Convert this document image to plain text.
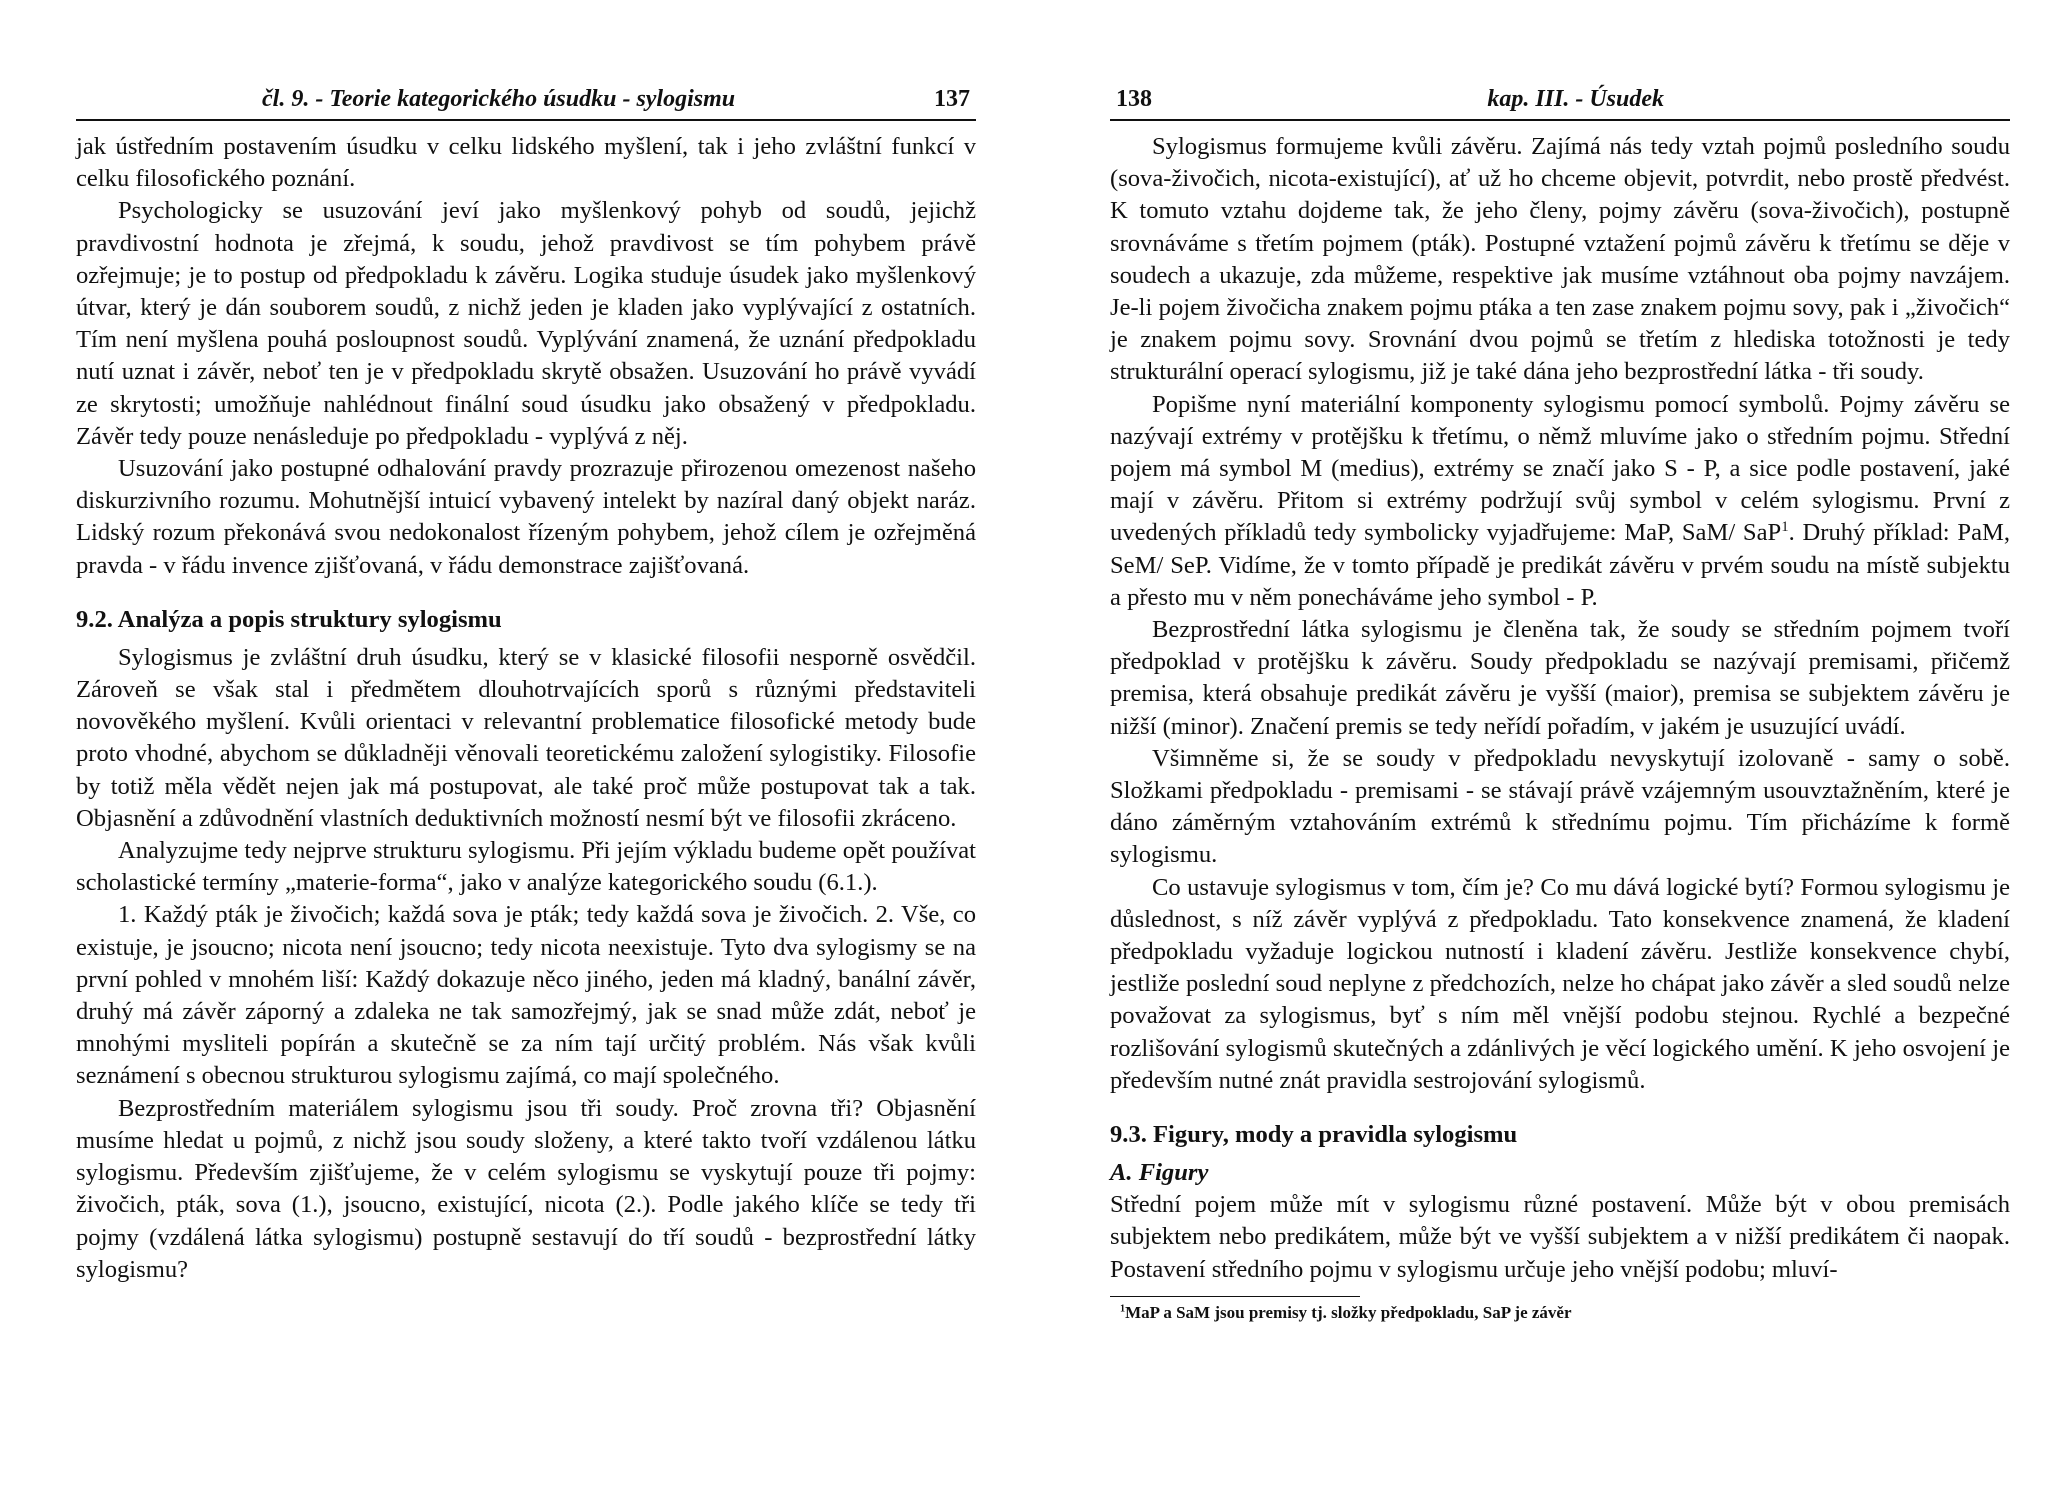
čl. 9. - Teorie kategorického úsudku - sylogismu	137

jak ústředním postavením úsudku v celku lidského myšlení, tak i jeho zvláštní funkcí v celku filosofického poznání.

Psychologicky se usuzování jeví jako myšlenkový pohyb od soudů, jejichž pravdivostní hodnota je zřejmá, k soudu, jehož pravdivost se tím pohybem právě ozřejmuje; je to postup od předpokladu k závěru. Logika studuje úsudek jako myšlenkový útvar, který je dán souborem soudů, z nichž jeden je kladen jako vyplývající z ostatních. Tím není myšlena pouhá posloupnost soudů. Vyplývání znamená, že uznání předpokladu nutí uznat i závěr, neboť ten je v předpokladu skrytě obsažen. Usuzování ho právě vyvádí ze skrytosti; umožňuje nahlédnout finální soud úsudku jako obsažený v předpokladu. Závěr tedy pouze nenásleduje po předpokladu - vyplývá z něj.

Usuzování jako postupné odhalování pravdy prozrazuje přirozenou omezenost našeho diskurzivního rozumu. Mohutnější intuicí vybavený intelekt by nazíral daný objekt naráz. Lidský rozum překonává svou nedokonalost řízeným pohybem, jehož cílem je ozřejměná pravda - v řádu invence zjišťovaná, v řádu demonstrace zajišťovaná.

9.2. Analýza a popis struktury sylogismu

Sylogismus je zvláštní druh úsudku, který se v klasické filosofii nesporně osvědčil. Zároveň se však stal i předmětem dlouhotrvajících sporů s různými představiteli novověkého myšlení. Kvůli orientaci v relevantní problematice filosofické metody bude proto vhodné, abychom se důkladněji věnovali teoretickému založení sylogistiky. Filosofie by totiž měla vědět nejen jak má postupovat, ale také proč může postupovat tak a tak. Objasnění a zdůvodnění vlastních deduktivních možností nesmí být ve filosofii zkráceno.

Analyzujme tedy nejprve strukturu sylogismu. Při jejím výkladu budeme opět používat scholastické termíny „materie-forma“, jako v analýze kategorického soudu (6.1.).

1. Každý pták je živočich; každá sova je pták; tedy každá sova je živočich. 2. Vše, co existuje, je jsoucno; nicota není jsoucno; tedy nicota neexistuje. Tyto dva sylogismy se na první pohled v mnohém liší: Každý dokazuje něco jiného, jeden má kladný, banální závěr, druhý má závěr záporný a zdaleka ne tak samozřejmý, jak se snad může zdát, neboť je mnohými mysliteli popírán a skutečně se za ním tají určitý problém. Nás však kvůli seznámení s obecnou strukturou sylogismu zajímá, co mají společného.

Bezprostředním materiálem sylogismu jsou tři soudy. Proč zrovna tři? Objasnění musíme hledat u pojmů, z nichž jsou soudy složeny, a které takto tvoří vzdálenou látku sylogismu. Především zjišťujeme, že v celém sylogismu se vyskytují pouze tři pojmy: živočich, pták, sova (1.), jsoucno, existující, nicota (2.). Podle jakého klíče se tedy tři pojmy (vzdálená látka sylogismu) postupně sestavují do tří soudů - bezprostřední látky sylogismu?

138	kap. III. - Úsudek

Sylogismus formujeme kvůli závěru. Zajímá nás tedy vztah pojmů posledního soudu (sova-živočich, nicota-existující), ať už ho chceme objevit, potvrdit, nebo prostě předvést. K tomuto vztahu dojdeme tak, že jeho členy, pojmy závěru (sova-živočich), postupně srovnáváme s třetím pojmem (pták). Postupné vztažení pojmů závěru k třetímu se děje v soudech a ukazuje, zda můžeme, respektive jak musíme vztáhnout oba pojmy navzájem. Je-li pojem živočicha znakem pojmu ptáka a ten zase znakem pojmu sovy, pak i „živočich“ je znakem pojmu sovy. Srovnání dvou pojmů se třetím z hlediska totožnosti je tedy strukturální operací sylogismu, již je také dána jeho bezprostřední látka - tři soudy.

Popišme nyní materiální komponenty sylogismu pomocí symbolů. Pojmy závěru se nazývají extrémy v protějšku k třetímu, o němž mluvíme jako o středním pojmu. Střední pojem má symbol M (medius), extrémy se značí jako S - P, a sice podle postavení, jaké mají v závěru. Přitom si extrémy podržují svůj symbol v celém sylogismu. První z uvedených příkladů tedy symbolicky vyjadřujeme: MaP, SaM/ SaP$^1$. Druhý příklad: PaM, SeM/ SeP. Vidíme, že v tomto případě je predikát závěru v prvém soudu na místě subjektu a přesto mu v něm ponecháváme jeho symbol - P.

Bezprostřední látka sylogismu je členěna tak, že soudy se středním pojmem tvoří předpoklad v protějšku k závěru. Soudy předpokladu se nazývají premisami, přičemž premisa, která obsahuje predikát závěru je vyšší (maior), premisa se subjektem závěru je nižší (minor). Značení premis se tedy neřídí pořadím, v jakém je usuzující uvádí.

Všimněme si, že se soudy v předpokladu nevyskytují izolovaně - samy o sobě. Složkami předpokladu - premisami - se stávají právě vzájemným usouvztažněním, které je dáno záměrným vztahováním extrémů k střednímu pojmu. Tím přicházíme k formě sylogismu.

Co ustavuje sylogismus v tom, čím je? Co mu dává logické bytí? Formou sylogismu je důslednost, s níž závěr vyplývá z předpokladu. Tato konsekvence znamená, že kladení předpokladu vyžaduje logickou nutností i kladení závěru. Jestliže konsekvence chybí, jestliže poslední soud neplyne z předchozích, nelze ho chápat jako závěr a sled soudů nelze považovat za sylogismus, byť s ním měl vnější podobu stejnou. Rychlé a bezpečné rozlišování sylogismů skutečných a zdánlivých je věcí logického umění. K jeho osvojení je především nutné znát pravidla sestrojování sylogismů.

9.3. Figury, mody a pravidla sylogismu
A. Figury

Střední pojem může mít v sylogismu různé postavení. Může být v obou premisách subjektem nebo predikátem, může být ve vyšší subjektem a v nižší predikátem či naopak. Postavení středního pojmu v sylogismu určuje jeho vnější podobu; mluví-

$^1$MaP a SaM jsou premisy tj. složky předpokladu, SaP je závěr
